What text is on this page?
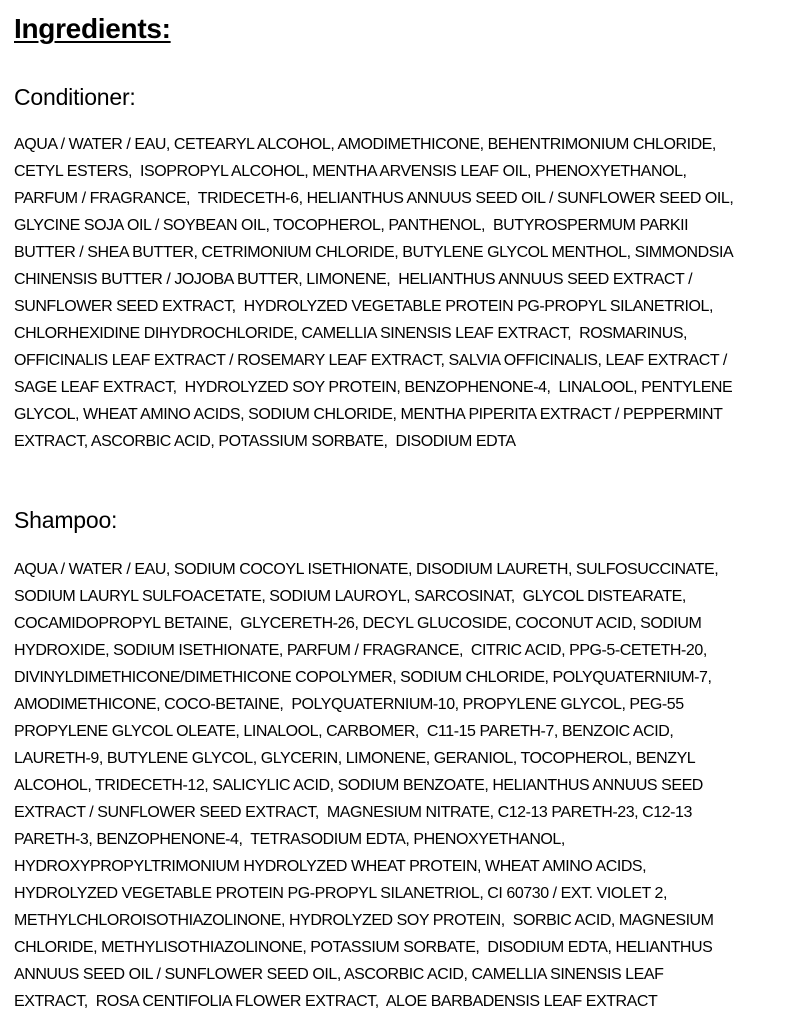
Ingredients:
Conditioner:
AQUA / WATER / EAU, CETEARYL ALCOHOL, AMODIMETHICONE, BEHENTRIMONIUM CHLORIDE,
CETYL ESTERS,  ISOPROPYL ALCOHOL, MENTHA ARVENSIS LEAF OIL, PHENOXYETHANOL,
PARFUM / FRAGRANCE,  TRIDECETH-6, HELIANTHUS ANNUUS SEED OIL / SUNFLOWER SEED OIL,
GLYCINE SOJA OIL / SOYBEAN OIL, TOCOPHEROL, PANTHENOL,  BUTYROSPERMUM PARKII
BUTTER / SHEA BUTTER, CETRIMONIUM CHLORIDE, BUTYLENE GLYCOL MENTHOL, SIMMONDSIA
CHINENSIS BUTTER / JOJOBA BUTTER, LIMONENE,  HELIANTHUS ANNUUS SEED EXTRACT /
SUNFLOWER SEED EXTRACT,  HYDROLYZED VEGETABLE PROTEIN PG-PROPYL SILANETRIOL,
CHLORHEXIDINE DIHYDROCHLORIDE, CAMELLIA SINENSIS LEAF EXTRACT,  ROSMARINUS,
OFFICINALIS LEAF EXTRACT / ROSEMARY LEAF EXTRACT, SALVIA OFFICINALIS, LEAF EXTRACT /
SAGE LEAF EXTRACT,  HYDROLYZED SOY PROTEIN, BENZOPHENONE-4,  LINALOOL, PENTYLENE
GLYCOL, WHEAT AMINO ACIDS, SODIUM CHLORIDE, MENTHA PIPERITA EXTRACT / PEPPERMINT
EXTRACT, ASCORBIC ACID, POTASSIUM SORBATE,  DISODIUM EDTA
Shampoo:
AQUA / WATER / EAU, SODIUM COCOYL ISETHIONATE, DISODIUM LAURETH, SULFOSUCCINATE,
SODIUM LAURYL SULFOACETATE, SODIUM LAUROYL, SARCOSINAT,  GLYCOL DISTEARATE,
COCAMIDOPROPYL BETAINE,  GLYCERETH-26, DECYL GLUCOSIDE, COCONUT ACID, SODIUM
HYDROXIDE, SODIUM ISETHIONATE, PARFUM / FRAGRANCE,  CITRIC ACID, PPG-5-CETETH-20,
DIVINYLDIMETHICONE/DIMETHICONE COPOLYMER, SODIUM CHLORIDE, POLYQUATERNIUM-7,
AMODIMETHICONE, COCO-BETAINE,  POLYQUATERNIUM-10, PROPYLENE GLYCOL, PEG-55
PROPYLENE GLYCOL OLEATE, LINALOOL, CARBOMER,  C11-15 PARETH-7, BENZOIC ACID,
LAURETH-9, BUTYLENE GLYCOL, GLYCERIN, LIMONENE, GERANIOL, TOCOPHEROL, BENZYL
ALCOHOL, TRIDECETH-12, SALICYLIC ACID, SODIUM BENZOATE, HELIANTHUS ANNUUS SEED
EXTRACT / SUNFLOWER SEED EXTRACT,  MAGNESIUM NITRATE, C12-13 PARETH-23, C12-13
PARETH-3, BENZOPHENONE-4,  TETRASODIUM EDTA, PHENOXYETHANOL,
HYDROXYPROPYLTRIMONIUM HYDROLYZED WHEAT PROTEIN, WHEAT AMINO ACIDS,
HYDROLYZED VEGETABLE PROTEIN PG-PROPYL SILANETRIOL, CI 60730 / EXT. VIOLET 2,
METHYLCHLOROISOTHIAZOLINONE, HYDROLYZED SOY PROTEIN,  SORBIC ACID, MAGNESIUM
CHLORIDE, METHYLISOTHIAZOLINONE, POTASSIUM SORBATE,  DISODIUM EDTA, HELIANTHUS
ANNUUS SEED OIL / SUNFLOWER SEED OIL, ASCORBIC ACID, CAMELLIA SINENSIS LEAF
EXTRACT,  ROSA CENTIFOLIA FLOWER EXTRACT,  ALOE BARBADENSIS LEAF EXTRACT
